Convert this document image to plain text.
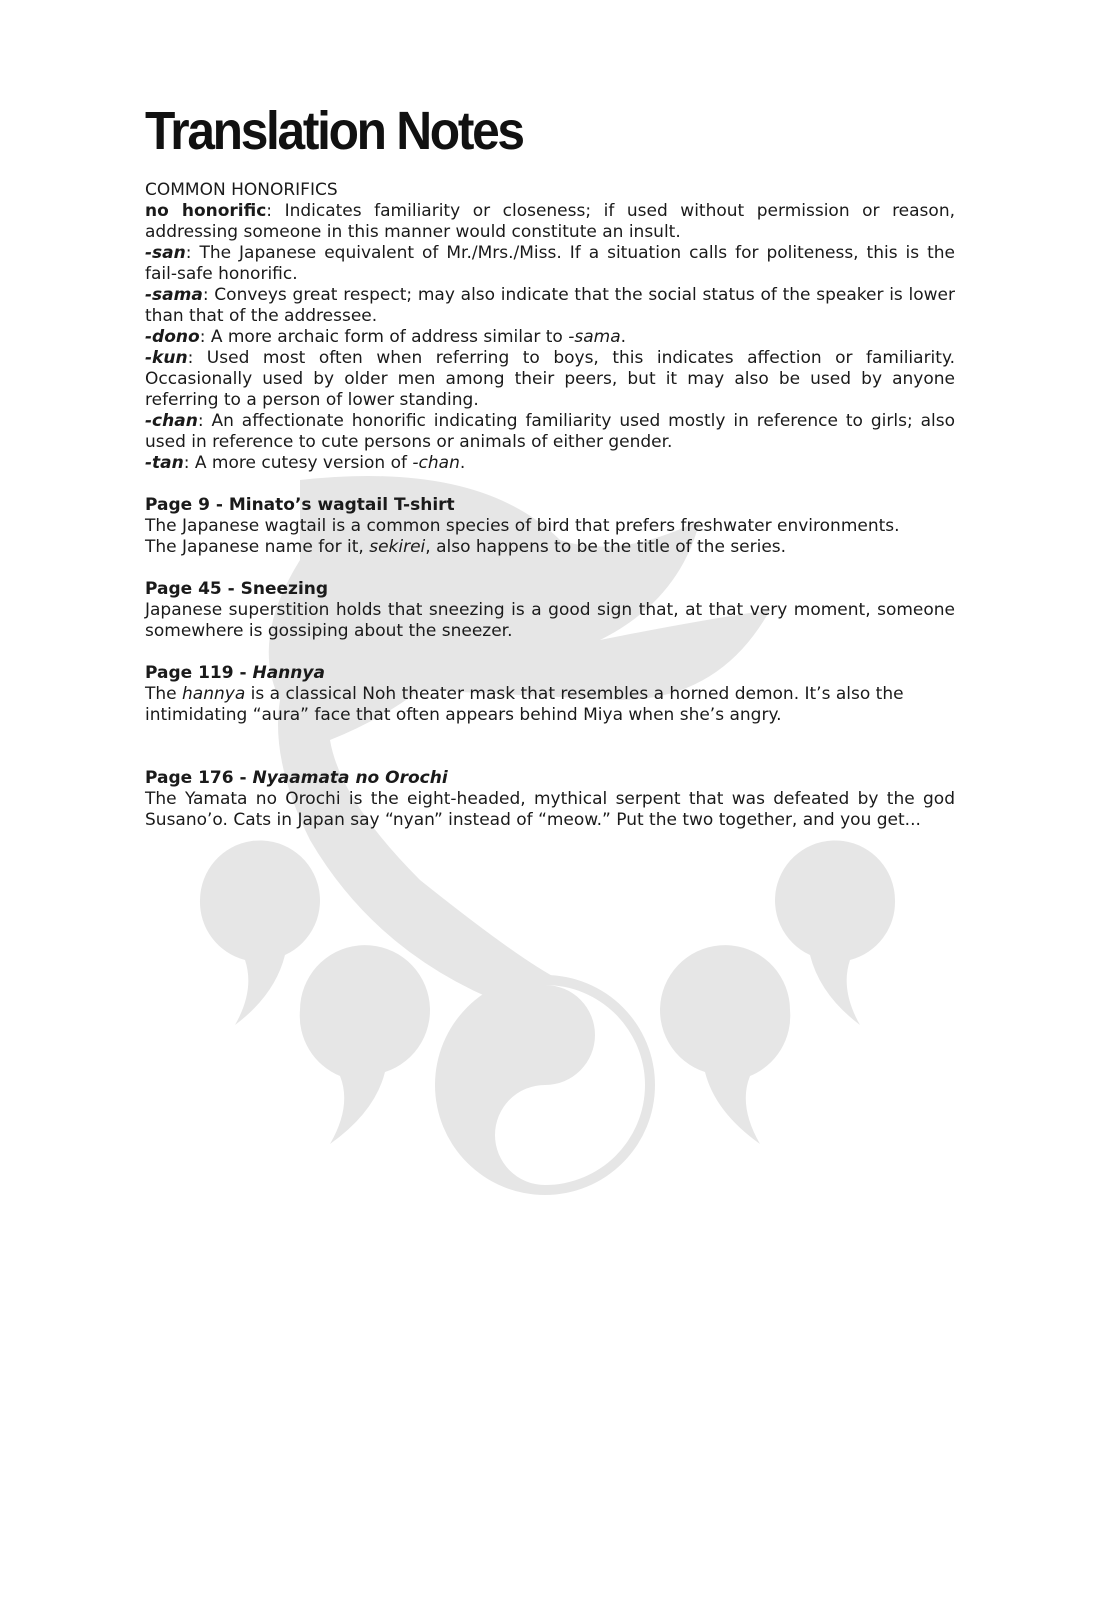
Translation Notes

COMMON HONORIFICS

no honorific: Indicates familiarity or closeness; if used without permission or reason, addressing someone in this manner would constitute an insult.

-san: The Japanese equivalent of Mr./Mrs./Miss. If a situation calls for politeness, this is the fail-safe honorific.

-sama: Conveys great respect; may also indicate that the social status of the speaker is lower than that of the addressee.

-dono: A more archaic form of address similar to -sama.

-kun: Used most often when referring to boys, this indicates affection or familiarity. Occasionally used by older men among their peers, but it may also be used by anyone referring to a person of lower standing.

-chan: An affectionate honorific indicating familiarity used mostly in reference to girls; also used in reference to cute persons or animals of either gender.

-tan: A more cutesy version of -chan.

Page 9 - Minato’s wagtail T-shirt

The Japanese wagtail is a common species of bird that prefers freshwater environments.

The Japanese name for it, sekirei, also happens to be the title of the series.

Page 45 - Sneezing

Japanese superstition holds that sneezing is a good sign that, at that very moment, someone somewhere is gossiping about the sneezer.

Page 119 - Hannya

The hannya is a classical Noh theater mask that resembles a horned demon. It’s also the intimidating “aura” face that often appears behind Miya when she’s angry.

Page 176 - Nyaamata no Orochi

The Yamata no Orochi is the eight-headed, mythical serpent that was defeated by the god Susano’o. Cats in Japan say “nyan” instead of “meow.” Put the two together, and you get...
